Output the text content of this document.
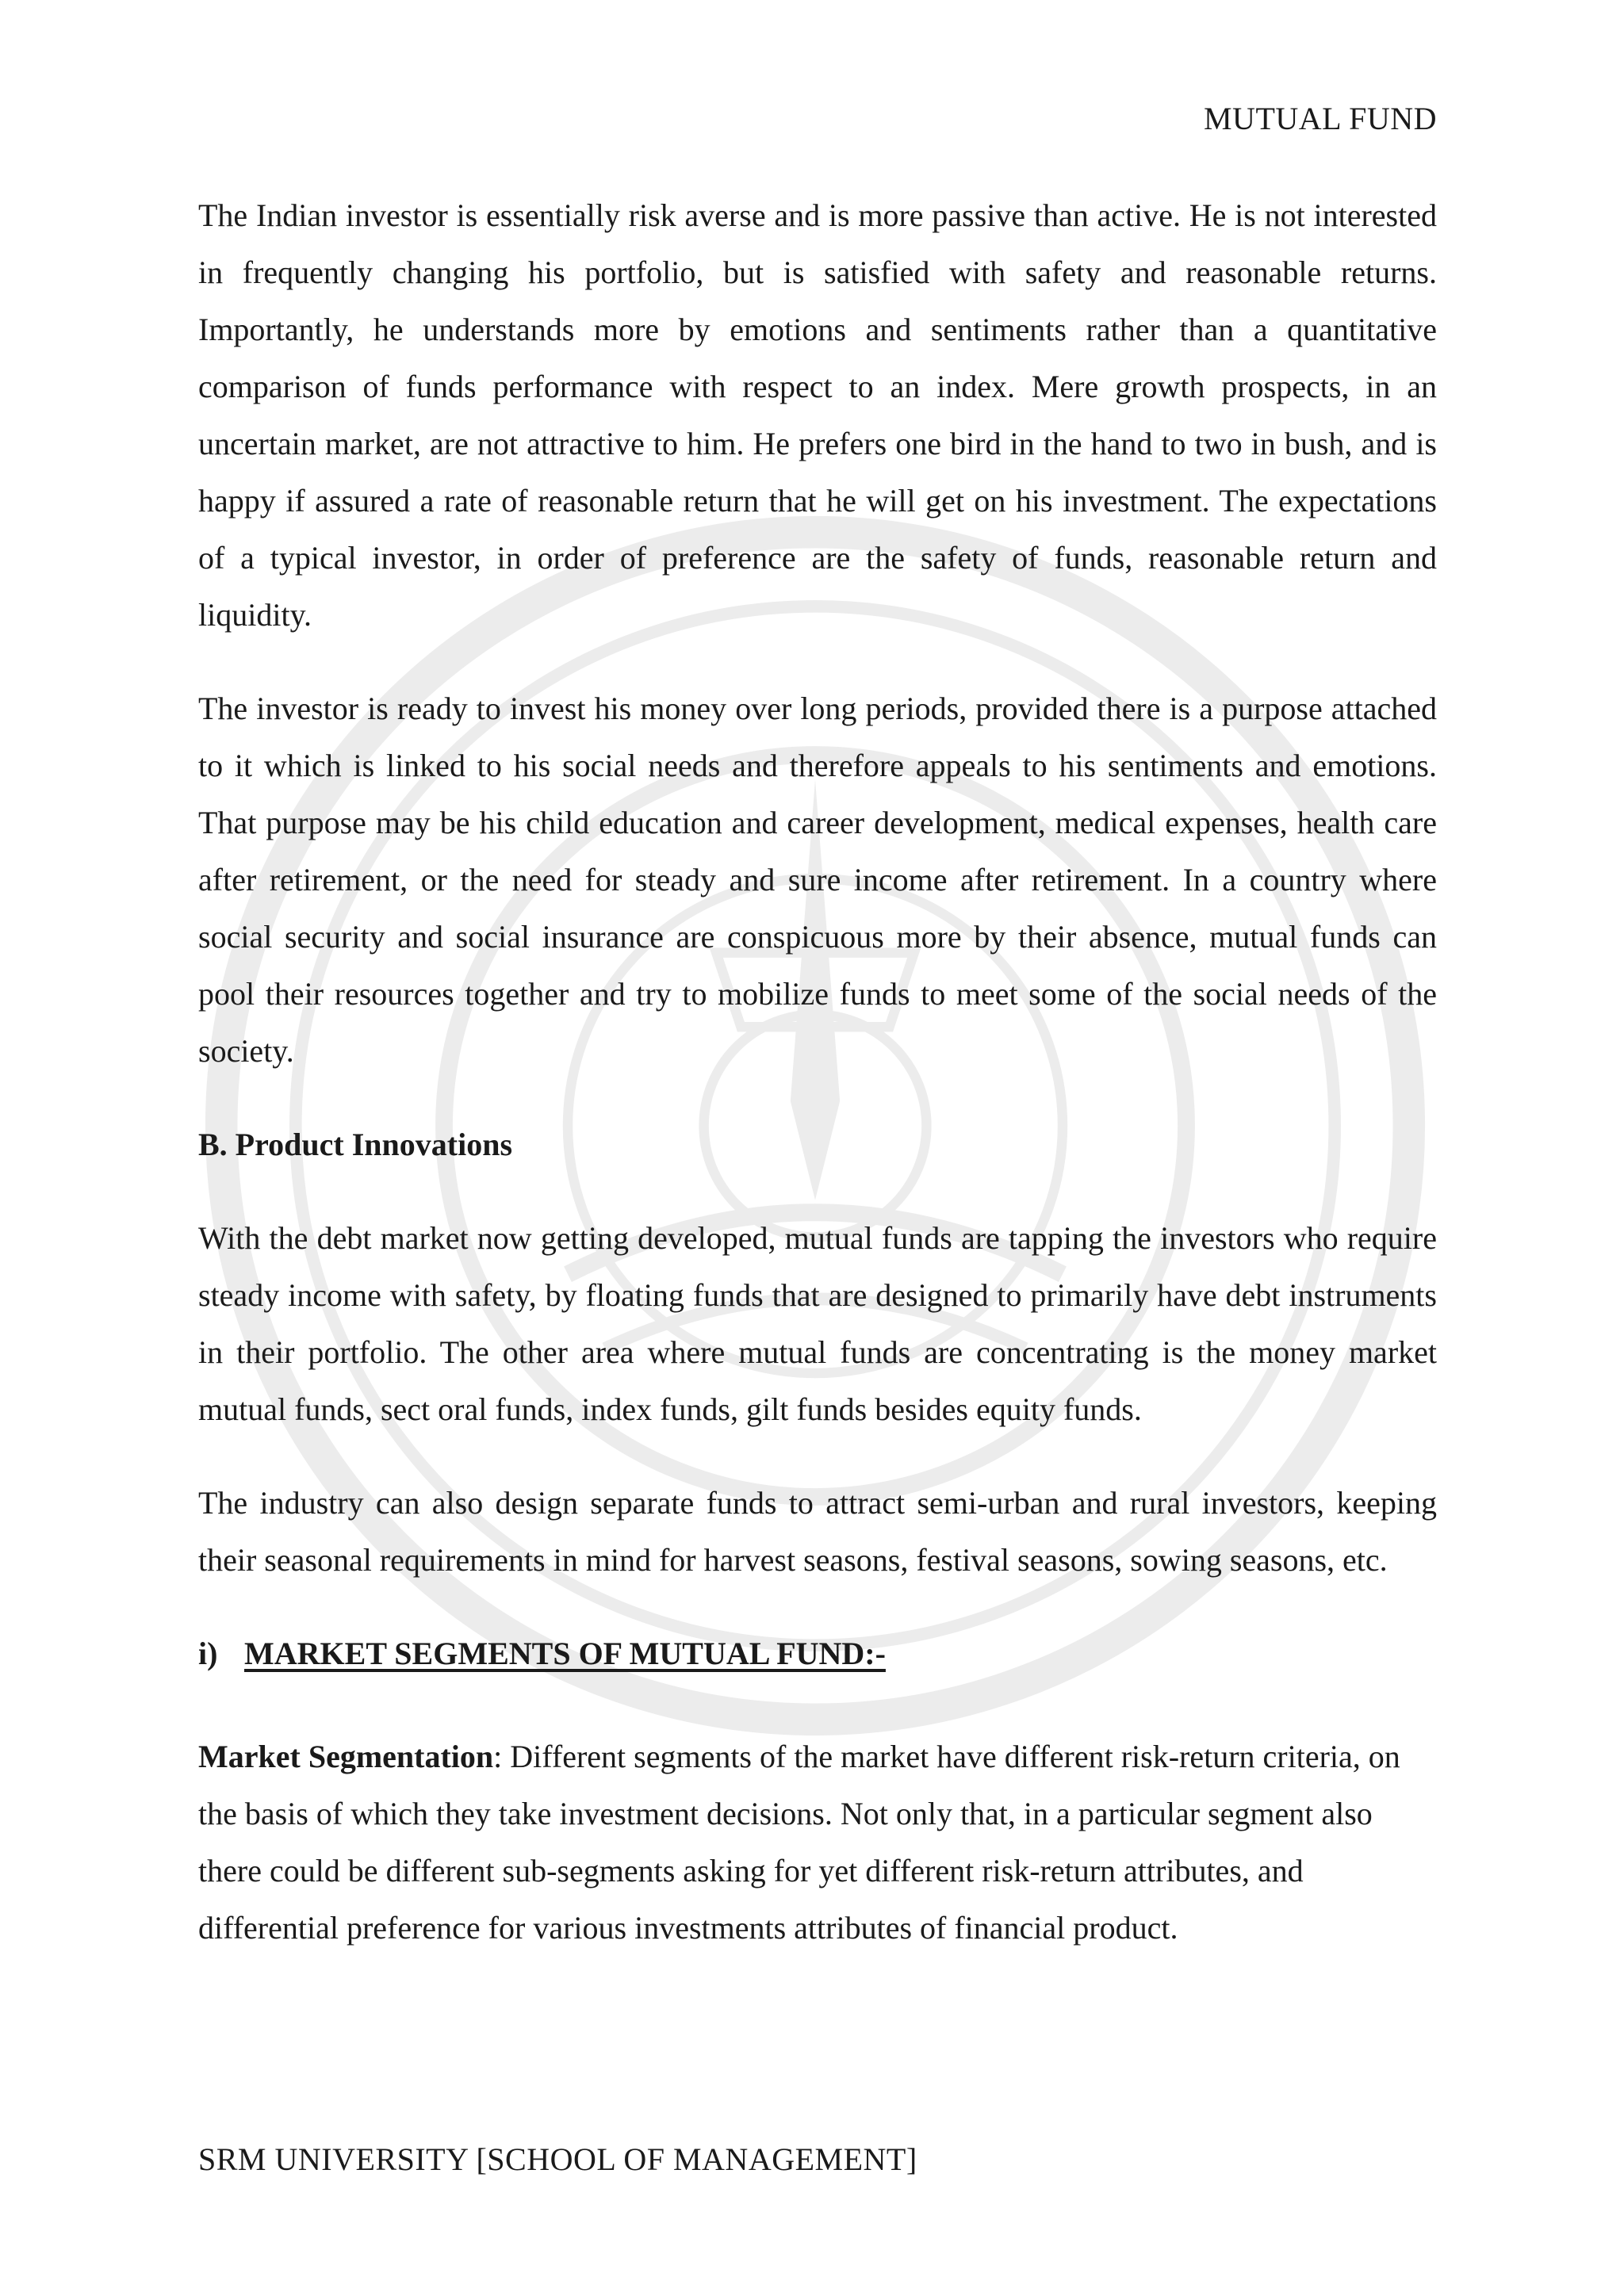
MUTUAL FUND

The Indian investor is essentially risk averse and is more passive than active. He is not interested in frequently changing his portfolio, but is satisfied with safety and reasonable returns. Importantly, he understands more by emotions and sentiments rather than a quantitative comparison of funds performance with respect to an index. Mere growth prospects, in an uncertain market, are not attractive to him. He prefers one bird in the hand to two in bush, and is happy if assured a rate of reasonable return that he will get on his investment. The expectations of a typical investor, in order of preference are the safety of funds, reasonable return and liquidity.

The investor is ready to invest his money over long periods, provided there is a purpose attached to it which is linked to his social needs and therefore appeals to his sentiments and emotions. That purpose may be his child education and career development, medical expenses, health care after retirement, or the need for steady and sure income after retirement. In a country where social security and social insurance are conspicuous more by their absence, mutual funds can pool their resources together and try to mobilize funds to meet some of the social needs of the society.

B. Product Innovations

With the debt market now getting developed, mutual funds are tapping the investors who require steady income with safety, by floating funds that are designed to primarily have debt instruments in their portfolio. The other area where mutual funds are concentrating is the money market mutual funds, sect oral funds, index funds, gilt funds besides equity funds.

The industry can also design separate funds to attract semi-urban and rural investors, keeping their seasonal requirements in mind for harvest seasons, festival seasons, sowing seasons, etc.

i) MARKET SEGMENTS OF MUTUAL FUND:-

Market Segmentation: Different segments of the market have different risk-return criteria, on the basis of which they take investment decisions. Not only that, in a particular segment also there could be different sub-segments asking for yet different risk-return attributes, and differential preference for various investments attributes of financial product.

SRM UNIVERSITY [SCHOOL OF MANAGEMENT]
